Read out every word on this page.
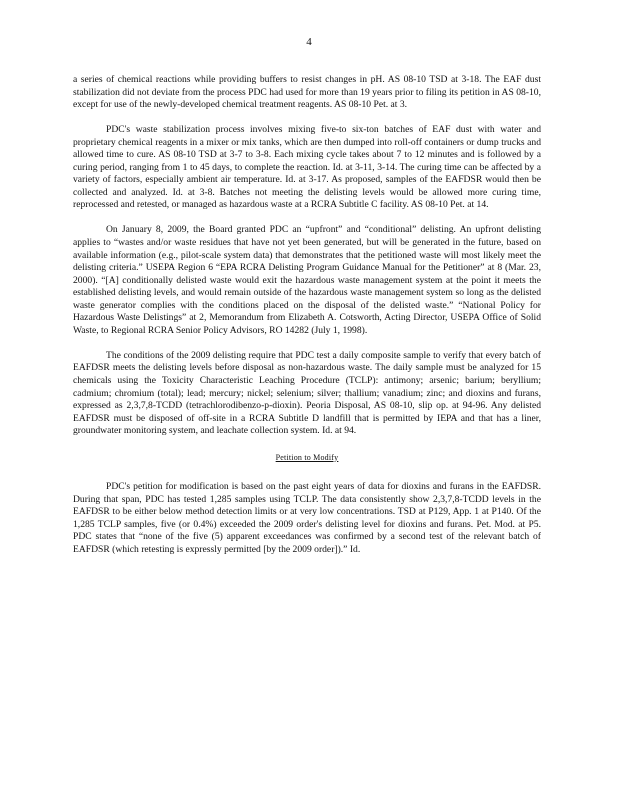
4

a series of chemical reactions while providing buffers to resist changes in pH. AS 08-10 TSD at 3-18. The EAF dust stabilization did not deviate from the process PDC had used for more than 19 years prior to filing its petition in AS 08-10, except for use of the newly-developed chemical treatment reagents. AS 08-10 Pet. at 3.

PDC's waste stabilization process involves mixing five-to six-ton batches of EAF dust with water and proprietary chemical reagents in a mixer or mix tanks, which are then dumped into roll-off containers or dump trucks and allowed time to cure. AS 08-10 TSD at 3-7 to 3-8. Each mixing cycle takes about 7 to 12 minutes and is followed by a curing period, ranging from 1 to 45 days, to complete the reaction. Id. at 3-11, 3-14. The curing time can be affected by a variety of factors, especially ambient air temperature. Id. at 3-17. As proposed, samples of the EAFDSR would then be collected and analyzed. Id. at 3-8. Batches not meeting the delisting levels would be allowed more curing time, reprocessed and retested, or managed as hazardous waste at a RCRA Subtitle C facility. AS 08-10 Pet. at 14.

On January 8, 2009, the Board granted PDC an “upfront” and “conditional” delisting. An upfront delisting applies to “wastes and/or waste residues that have not yet been generated, but will be generated in the future, based on available information (e.g., pilot-scale system data) that demonstrates that the petitioned waste will most likely meet the delisting criteria.” USEPA Region 6 “EPA RCRA Delisting Program Guidance Manual for the Petitioner” at 8 (Mar. 23, 2000). “[A] conditionally delisted waste would exit the hazardous waste management system at the point it meets the established delisting levels, and would remain outside of the hazardous waste management system so long as the delisted waste generator complies with the conditions placed on the disposal of the delisted waste.” “National Policy for Hazardous Waste Delistings” at 2, Memorandum from Elizabeth A. Cotsworth, Acting Director, USEPA Office of Solid Waste, to Regional RCRA Senior Policy Advisors, RO 14282 (July 1, 1998).

The conditions of the 2009 delisting require that PDC test a daily composite sample to verify that every batch of EAFDSR meets the delisting levels before disposal as non-hazardous waste. The daily sample must be analyzed for 15 chemicals using the Toxicity Characteristic Leaching Procedure (TCLP): antimony; arsenic; barium; beryllium; cadmium; chromium (total); lead; mercury; nickel; selenium; silver; thallium; vanadium; zinc; and dioxins and furans, expressed as 2,3,7,8-TCDD (tetrachlorodibenzo-p-dioxin). Peoria Disposal, AS 08-10, slip op. at 94-96. Any delisted EAFDSR must be disposed of off-site in a RCRA Subtitle D landfill that is permitted by IEPA and that has a liner, groundwater monitoring system, and leachate collection system. Id. at 94.

Petition to Modify

PDC's petition for modification is based on the past eight years of data for dioxins and furans in the EAFDSR. During that span, PDC has tested 1,285 samples using TCLP. The data consistently show 2,3,7,8-TCDD levels in the EAFDSR to be either below method detection limits or at very low concentrations. TSD at P129, App. 1 at P140. Of the 1,285 TCLP samples, five (or 0.4%) exceeded the 2009 order's delisting level for dioxins and furans. Pet. Mod. at P5. PDC states that “none of the five (5) apparent exceedances was confirmed by a second test of the relevant batch of EAFDSR (which retesting is expressly permitted [by the 2009 order]).” Id.
